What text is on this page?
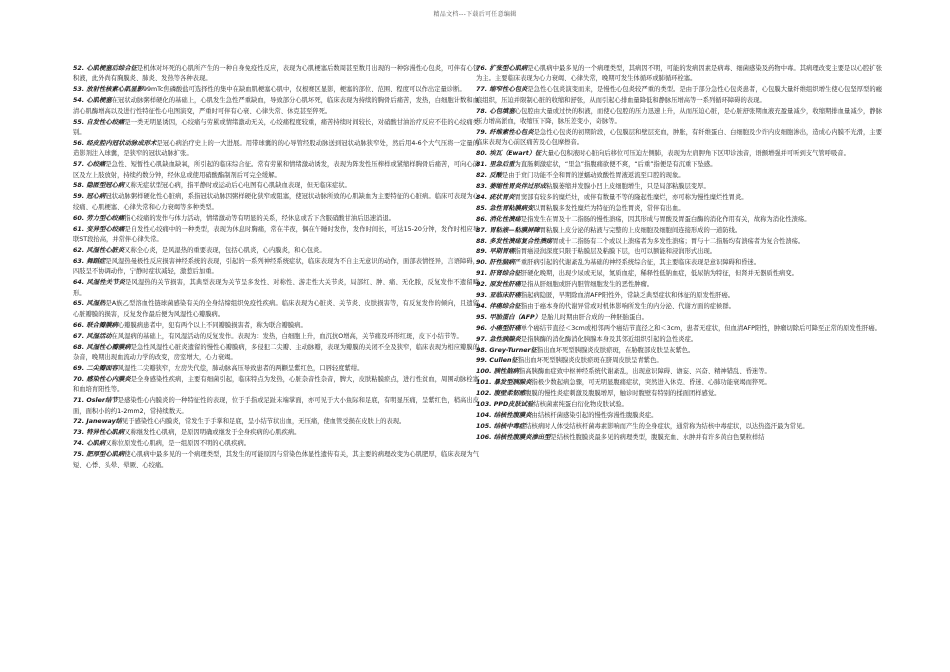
精品文档---下载后可任意编辑

52. 心肌梗塞后综合征是机体对坏死的心肌所产生的一种自身免疫性反应，表现为心肌梗塞后数周甚至数月出现的一种弥漫性心包炎，可伴有心包积液，此外尚有胸膜炎、肺炎、发热等各种表现。

53. 放射性核素心肌显影99mTc焦磷酸盐可选择性的集中在缺血肌梗塞心肌中，仅根赛区显影，梗塞的部位、范围、程度可以作出定量诊断。

54. 心肌梗塞在冠状动脉粥样硬化的基础上，心肌发生急性严重缺血，导致部分心肌坏死，临床表现为持续的胸骨后痛苦，发热，白细胞计数和血清心肌酶增高以及进行性特征性心电图演变，严重时可伴有心衰、心律失常、休克甚至猝死。

55. 自发性心绞痛是一类无明显诱因，心绞痛与劳累或情绪激动无关，心绞痛程度较重，痛苦持续时间较长，对硝酸甘油治疗反应不佳的心绞痛类别。

56. 经皮腔内冠状动脉成形术是冠心病治疗史上的一大进展。用带球囊的的心导管经股动脉送到冠状动脉狭窄处，然后用4-6个大气压将一定量的造影剂注入球囊，是狭窄的冠状动脉扩张。

57. 心绞痛是急性、短暂性心肌缺血缺氧，所引起的临床综合征。常有劳累和情绪激动诱发，表现为阵发性压榨样或紧缩样胸骨后痛苦，可向心前区及左上肢放射，持续约数分钟，经休息或使用硝酸酯制剂后可完全缓解。

58. 隐匿型冠心病又称无症状型冠心病，指平静时或运动后心电图有心肌缺血表现，但无临床症状。

59. 冠心病冠状动脉粥样硬化性心脏病，系指冠状动脉因粥样硬化狭窄或阻塞，使冠状动脉所致的心肌缺血为主要特征的心脏病。临床可表现为心绞痛、心肌梗塞、心律失常和心力衰竭等多种类型。

60. 劳力型心绞痛指心绞痛的发作与体力活动，情绪激动等有明显的关系，经休息或舌下含服硝酸甘油后迅速消退。

61. 变异型心绞痛是自发性心绞痛中的一种类型，表现为休息时胸痛，常在半夜，偶在午睡时发作，发作时间长，可达15-20分钟，发作时相应导联ST段抬高，并常伴心律失常。

62. 风湿性心脏炎又称全心炎，是风湿热的重要表现，包括心肌炎，心内膜炎，和心包炎。

63. 舞蹈症是风湿热曼极性反应损害神经系统的表现，引起的一系列神经系统症状，临床表现为不自主无意识的动作，面部表情怪异，言语障碍，四肢呈不协调动作，宁静时症状减轻，激惹后加重。

64. 风湿性关节炎是风湿热的关节损害，其典型表现为关节呈多发性、对称性、游走性大关节炎，局部红、肿、痛、无化脓，反复发作不遗留畸形。

65. 风湿热是A族乙型溶血性链球菌感染有关的全身结缔组织免疫性疾病。临床表现为心脏炎、关节炎、皮肤损害等，有反复发作的倾向，且遗留心脏瓣膜的损害，反复发作最后便为风湿性心瓣膜病。

66. 联合瓣膜病心瓣膜病患者中，犯有两个以上不同瓣膜损害者，称为联合瓣膜病。

67. 风湿活动在风湿病的基础上，有风湿活动的反复发作。表现为：发热，白细胞上升，血沉抗O增高，关节痛及环形红斑，皮下小结节等。

68. 风湿性心瓣膜病是急性风湿性心脏炎遗留的慢性心瓣膜病，多侵犯二尖瓣、主动脉瓣，表现为瓣膜的关闭不全及狭窄，临床表现为相应瓣膜的杂音，晚期出现血流动力学的改变，房室增大，心力衰竭。

69. 二尖瓣面容风湿性二尖瓣狭窄，左房失代偿，肺动脉高压导致患者的两颧呈紫红色，口唇轻度紫绀。

70. 感染性心内膜炎是全身感染性疾病，主要有细菌引起，临床特点为发热，心脏杂音性杂音，脾大，皮肤粘膜瘀点，进行性贫血，周围动脉栓塞和血培育阳性等。

71. Osler结节是感染性心内膜炎的一种特征性的表现，位于手指或足趾末端掌面，亦可见于大小鱼际和足底，有明显压痛，呈紫红色，稍高出皮面，面积小的约1-2mm2，常持续数天。

72. Janeway结见于感染性心内膜炎，常发生于手掌和足底，呈小结节状出血，无压痛，使血管受损在皮肤上的表现。

73. 特异性心肌病又称继发性心肌病，是原因明确或继发于全身疾病的心肌疾病。

74. 心肌病又称位原发性心肌病，是一组原因不明的心肌疾病。

75. 肥厚型心肌病使心肌病中最多见的一个病理类型，其发生的可能原因与常染色体显性遗传有关，其主要的病理改变为心肌肥厚，临床表现为气短、心悸、头晕、晕厥、心绞痛。

76. 扩张型心肌病是心肌病中最多见的一个病理类型，其病因不明，可能的发病因素是病毒、细菌感染及药物中毒。其病理改变主要是以心腔扩张为主。主要临床表现为心力衰竭、心律失常，晚期可发生体循环或肺循环栓塞。

77. 缩窄性心包炎是急性心包炎演变而来，是慢性心包炎较严重的类型。是由于部分急性心包炎患者，心包膜大量纤维组织增生使心包坚厚型的瘢痕组织，压迫并限制心脏的收缩和舒张，从而引起心排血量降低和静脉压增高等一系列循环障碍的表现。

78. 心包填塞心包腔由大量或过快的积液，而使心包腔的压力迅速上升，从而压迫心脏，是心脏舒张期血液充盈量减少，收缩期排血量减少，静脉压力增高淤血，收缩压下降，脉压差变小，奇脉等。

79. 纤维素性心包炎是急性心包炎的初期阶段，心包膜层和壁层充血，肿胀，有纤维蛋白、白细胞及少许内皮细胞渗出，造成心内膜不光滑，主要临床表现为心前区痛苦及心包摩擦音。

80. 埃瓦（Ewart）征大量心包积液时心脏向后移位可压迫左侧肺，表现为左肩胛角下区叩诊浊音，语颤增强并可听到支气管呼吸音。

81. 里急后重为直肠刺激症状，“里急”指腹痛欲便不爽，“后重”指便是有沉重下坠感。

82. 反酸是由于贲门功能不全和胃的逆蠕动致酸性胃液返流至口腔的现象。

83. 萎缩性胃炎伴过形成粘膜萎缩并发腺小凹上皮细胞增生，只是局部粘膜层变厚。

84. 疣状胃炎胃窦部有较多的糜烂灶，或伴有数量不等的隆起性糜烂，亦可称为慢性糜烂性胃炎。

85. 急性胃粘膜病变以胃粘膜多发性糜烂为特征的急性胃炎，常伴有出血。

86. 消化性溃疡是指发生在胃及十二指肠的慢性溃疡，因其形成与胃酸及胃蛋白酶的消化作用有关，故称为消化性溃疡。

87. 胃粘液—粘膜屏障胃粘膜上皮分泌的粘液与完整的上皮细胞及细胞间连接形成的一道防线。

88. 多发性溃疡复合性溃疡胃或十二指肠有二个或以上溃疡者为多发性溃疡；胃与十二指肠均有溃疡者为复合性溃疡。

89. 早期胃癌指胃癌浸润深度只限于粘膜层及粘膜下层，也可以额能和浸润形式出现。

90. 肝性脑病严重肝病引起的代谢紊乱为基础的神经系统综合征，其主要临床表现是意识障碍和昏迷。

91. 肝肾综合征肝硬化晚期，出现少尿或无尿，氮质血症，稀释性低钠血症，低尿钠为特征，但肾并无器质性病变。

92. 原发性肝癌是指从肝细胞或肝内胆管细胞发生的恶性肿瘤。

93. 亚临床肝癌指起病隐匿，早期除血清AFP阳性外，常缺乏典型症状和体征的原发性肝癌。

94. 伴癌综合征指由于癌本身的代谢异常或对机体影响所发生的内分泌、代谢方面的症候群。

95. 甲胎蛋白（AFP）是胎儿时期由肝合成的一种胚胎蛋白。

96. 小癌型肝癌单个癌结节直径＜3cm或相邻两个癌结节直径之和＜3cm，患者无症状，但血清AFP阳性，肿瘤切除后可降至正常的原发性肝癌。

97. 急性胰腺炎是指胰酶的消化酶消化胰腺本身及其邻近组织引起的急性炎症。

98. Grey-Turner征指出血坏死型胰腺炎皮肤瘀斑，在胁腹部皮肤呈灰紫色。

99. Cullen征指出血坏死型胰腺炎皮肤瘀斑在脐周皮肤呈青紫色。

100. 胰性脑病指高胰酶血症致中枢神经系统代谢紊乱，出现意识障碍、谵妄、兴奋、精神错乱、昏迷等。

101. 暴发型胰腺炎指极少数起病急骤，可无明显腹痛症状，突然进入休克、昏迷、心肺功能衰竭而猝死。

102. 腹壁柔韧感腹膜的慢性炎症刺激及腹膜增厚，触诊时腹壁有特别的揉面团样感觉。

103. PPD皮肤试验结核菌素纯蛋白衍化物皮肤试验。

104. 结核性腹膜炎由结核杆菌感染引起的慢性弥漫性腹膜炎症。

105. 结核中毒症结核病时人体受结核杆菌毒素影响而产生的全身症状，通常称为结核中毒症状，以达热盗汗最为常见。

106. 结核性腹膜炎渗出型是结核性腹膜炎最多见的病理类型，腹膜充血、水肿并有许多黄白色粟粒样结
